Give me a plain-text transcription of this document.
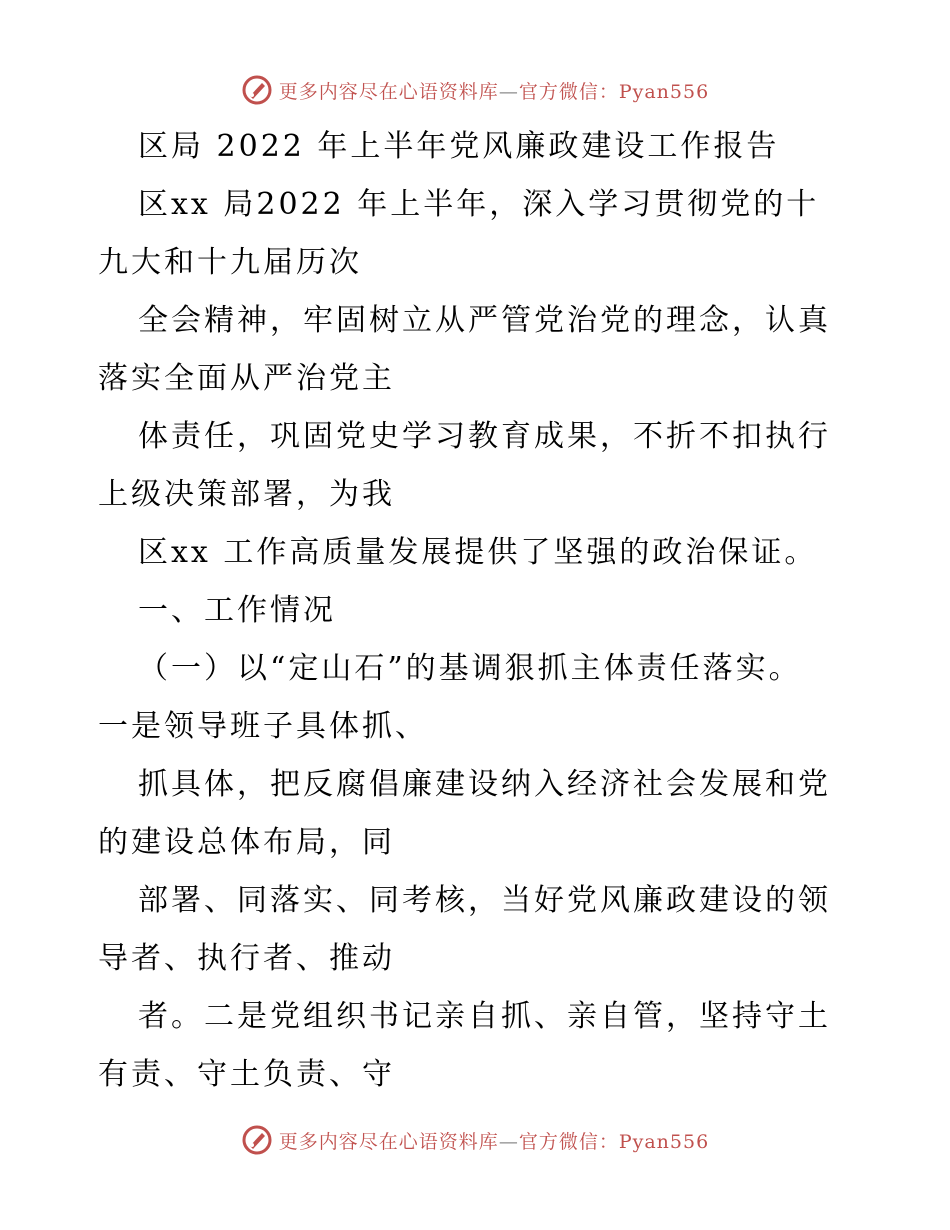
更多内容尽在心语资料库—官方微信：Pyan556
区局 2022 年上半年党风廉政建设工作报告
区xx 局2022 年上半年，深入学习贯彻党的十
九大和十九届历次
全会精神，牢固树立从严管党治党的理念，认真
落实全面从严治党主
体责任，巩固党史学习教育成果，不折不扣执行
上级决策部署，为我
区xx 工作高质量发展提供了坚强的政治保证。
一、工作情况
（一）以“定山石”的基调狠抓主体责任落实。
一是领导班子具体抓、
抓具体，把反腐倡廉建设纳入经济社会发展和党
的建设总体布局，同
部署、同落实、同考核，当好党风廉政建设的领
导者、执行者、推动
者。二是党组织书记亲自抓、亲自管，坚持守土
有责、守土负责、守
更多内容尽在心语资料库—官方微信：Pyan556
